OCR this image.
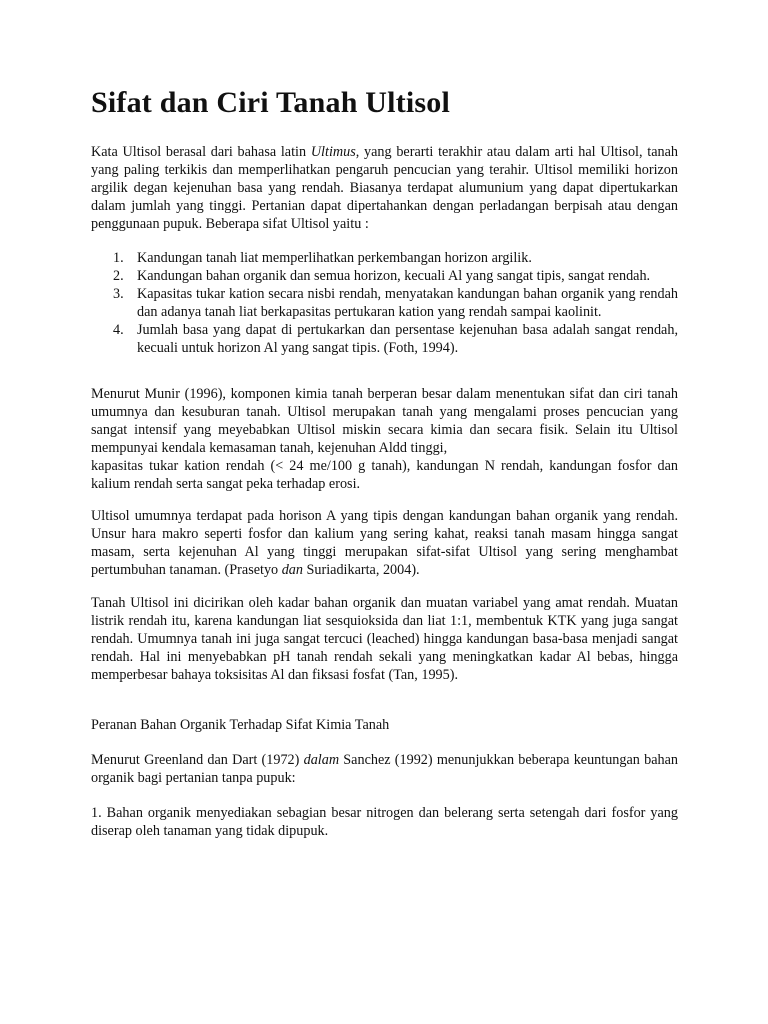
Sifat dan Ciri Tanah Ultisol
Kata Ultisol berasal dari bahasa latin Ultimus, yang berarti terakhir atau dalam arti hal Ultisol, tanah yang paling terkikis dan memperlihatkan pengaruh pencucian yang terahir. Ultisol memiliki horizon argilik degan kejenuhan basa yang rendah. Biasanya terdapat alumunium yang dapat dipertukarkan dalam jumlah yang tinggi. Pertanian dapat dipertahankan dengan perladangan berpisah atau dengan penggunaan pupuk. Beberapa sifat Ultisol yaitu :
1. Kandungan tanah liat memperlihatkan perkembangan horizon argilik.
2. Kandungan bahan organik dan semua horizon, kecuali Al yang sangat tipis, sangat rendah.
3. Kapasitas tukar kation secara nisbi rendah, menyatakan kandungan bahan organik yang rendah dan adanya tanah liat berkapasitas pertukaran kation yang rendah sampai kaolinit.
4. Jumlah basa yang dapat di pertukarkan dan persentase kejenuhan basa adalah sangat rendah, kecuali untuk horizon Al yang sangat tipis. (Foth, 1994).
Menurut Munir (1996), komponen kimia tanah berperan besar dalam menentukan sifat dan ciri tanah umumnya dan kesuburan tanah. Ultisol merupakan tanah yang mengalami proses pencucian yang sangat intensif yang meyebabkan Ultisol miskin secara kimia dan secara fisik. Selain itu Ultisol mempunyai kendala kemasaman tanah, kejenuhan Aldd tinggi,
kapasitas tukar kation rendah (< 24 me/100 g tanah), kandungan N rendah, kandungan fosfor dan kalium rendah serta sangat peka terhadap erosi.
Ultisol umumnya terdapat pada horison A yang tipis dengan kandungan bahan organik yang rendah. Unsur hara makro seperti fosfor dan kalium yang sering kahat, reaksi tanah masam hingga sangat masam, serta kejenuhan Al yang tinggi merupakan sifat-sifat Ultisol yang sering menghambat pertumbuhan tanaman. (Prasetyo dan Suriadikarta, 2004).
Tanah Ultisol ini dicirikan oleh kadar bahan organik dan muatan variabel yang amat rendah. Muatan listrik rendah itu, karena kandungan liat sesquioksida dan liat 1:1, membentuk KTK yang juga sangat rendah. Umumnya tanah ini juga sangat tercuci (leached) hingga kandungan basa-basa menjadi sangat rendah. Hal ini menyebabkan pH tanah rendah sekali yang meningkatkan kadar Al bebas, hingga memperbesar bahaya toksisitas Al dan fiksasi fosfat (Tan, 1995).
Peranan Bahan Organik Terhadap Sifat Kimia Tanah
Menurut Greenland dan Dart (1972) dalam Sanchez (1992) menunjukkan beberapa keuntungan bahan organik bagi pertanian tanpa pupuk:
1. Bahan organik menyediakan sebagian besar nitrogen dan belerang serta setengah dari fosfor yang diserap oleh tanaman yang tidak dipupuk.
